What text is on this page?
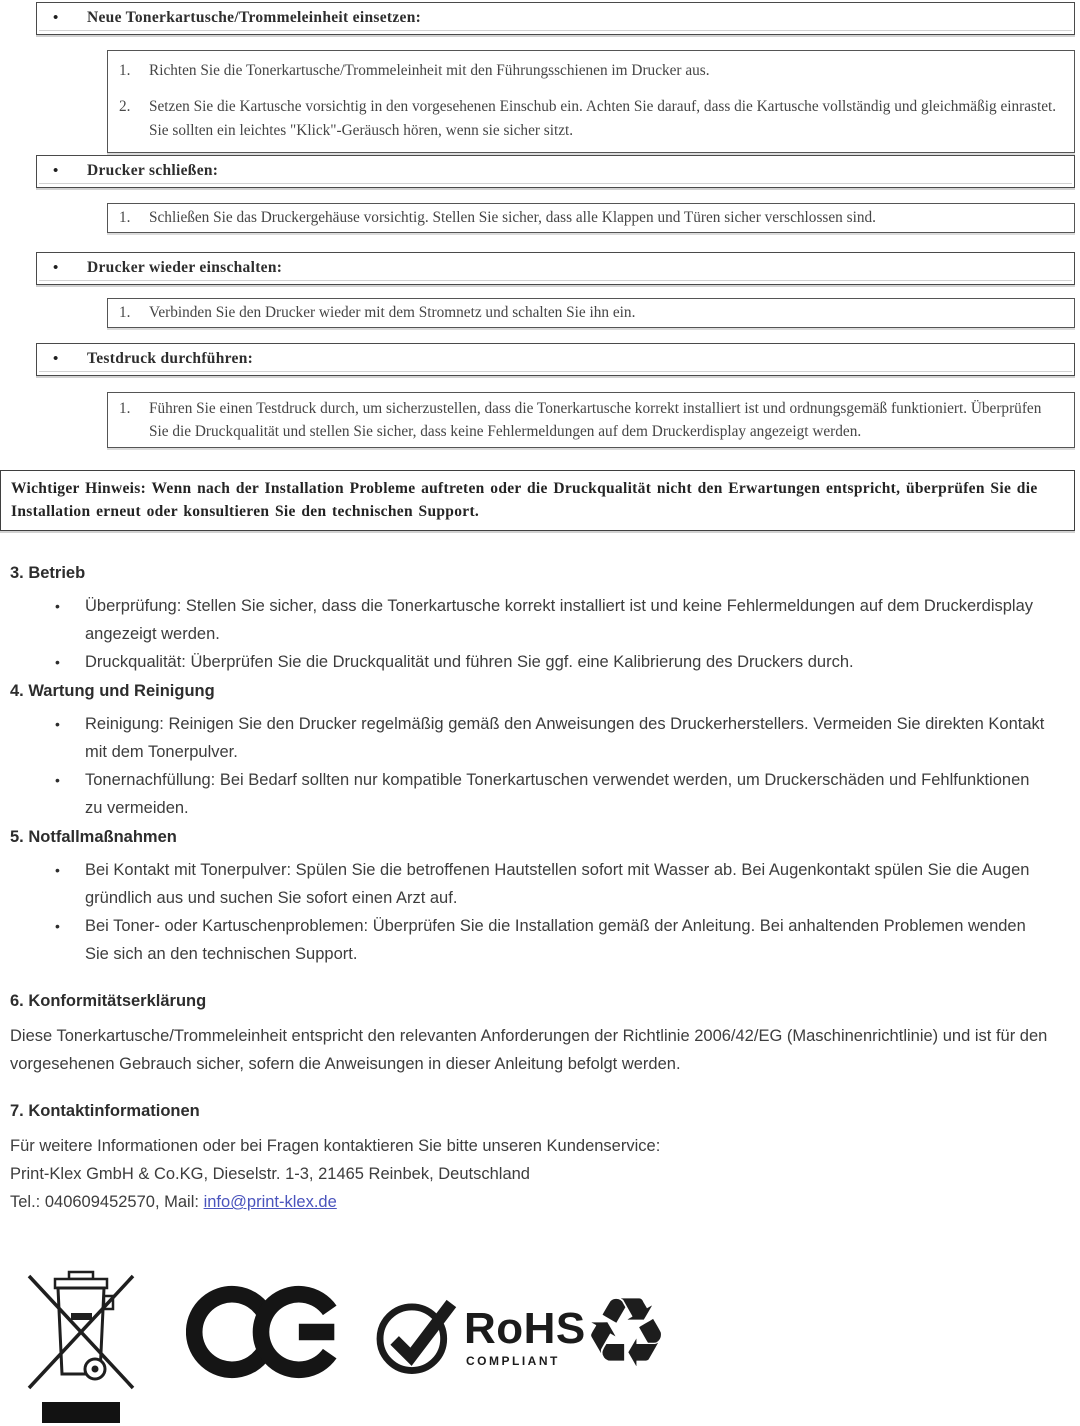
•	Neue Tonerkartusche/Trommeleinheit einsetzen:
1.	Richten Sie die Tonerkartusche/Trommeleinheit mit den Führungsschienen im Drucker aus.
2.	Setzen Sie die Kartusche vorsichtig in den vorgesehenen Einschub ein. Achten Sie darauf, dass die Kartusche vollständig und gleichmäßig einrastet. Sie sollten ein leichtes "Klick"-Geräusch hören, wenn sie sicher sitzt.
•	Drucker schließen:
1.	Schließen Sie das Druckergehäuse vorsichtig. Stellen Sie sicher, dass alle Klappen und Türen sicher verschlossen sind.
•	Drucker wieder einschalten:
1.	Verbinden Sie den Drucker wieder mit dem Stromnetz und schalten Sie ihn ein.
•	Testdruck durchführen:
1.	Führen Sie einen Testdruck durch, um sicherzustellen, dass die Tonerkartusche korrekt installiert ist und ordnungsgemäß funktioniert. Überprüfen Sie die Druckqualität und stellen Sie sicher, dass keine Fehlermeldungen auf dem Druckerdisplay angezeigt werden.
Wichtiger Hinweis: Wenn nach der Installation Probleme auftreten oder die Druckqualität nicht den Erwartungen entspricht, überprüfen Sie die Installation erneut oder konsultieren Sie den technischen Support.
3. Betrieb
•	Überprüfung: Stellen Sie sicher, dass die Tonerkartusche korrekt installiert ist und keine Fehlermeldungen auf dem Druckerdisplay angezeigt werden.
•	Druckqualität: Überprüfen Sie die Druckqualität und führen Sie ggf. eine Kalibrierung des Druckers durch.
4. Wartung und Reinigung
•	Reinigung: Reinigen Sie den Drucker regelmäßig gemäß den Anweisungen des Druckerherstellers. Vermeiden Sie direkten Kontakt mit dem Tonerpulver.
•	Tonernachfüllung: Bei Bedarf sollten nur kompatible Tonerkartuschen verwendet werden, um Druckerschäden und Fehlfunktionen zu vermeiden.
5. Notfallmaßnahmen
•	Bei Kontakt mit Tonerpulver: Spülen Sie die betroffenen Hautstellen sofort mit Wasser ab. Bei Augenkontakt spülen Sie die Augen gründlich aus und suchen Sie sofort einen Arzt auf.
•	Bei Toner- oder Kartuschenproblemen: Überprüfen Sie die Installation gemäß der Anleitung. Bei anhaltenden Problemen wenden Sie sich an den technischen Support.
6. Konformitätserklärung
Diese Tonerkartusche/Trommeleinheit entspricht den relevanten Anforderungen der Richtlinie 2006/42/EG (Maschinenrichtlinie) und ist für den vorgesehenen Gebrauch sicher, sofern die Anweisungen in dieser Anleitung befolgt werden.
7. Kontaktinformationen
Für weitere Informationen oder bei Fragen kontaktieren Sie bitte unseren Kundenservice:
Print-Klex GmbH & Co.KG, Dieselstr. 1-3, 21465 Reinbek, Deutschland
Tel.: 040609452570, Mail: info@print-klex.de
RoHS
COMPLIANT ♻
